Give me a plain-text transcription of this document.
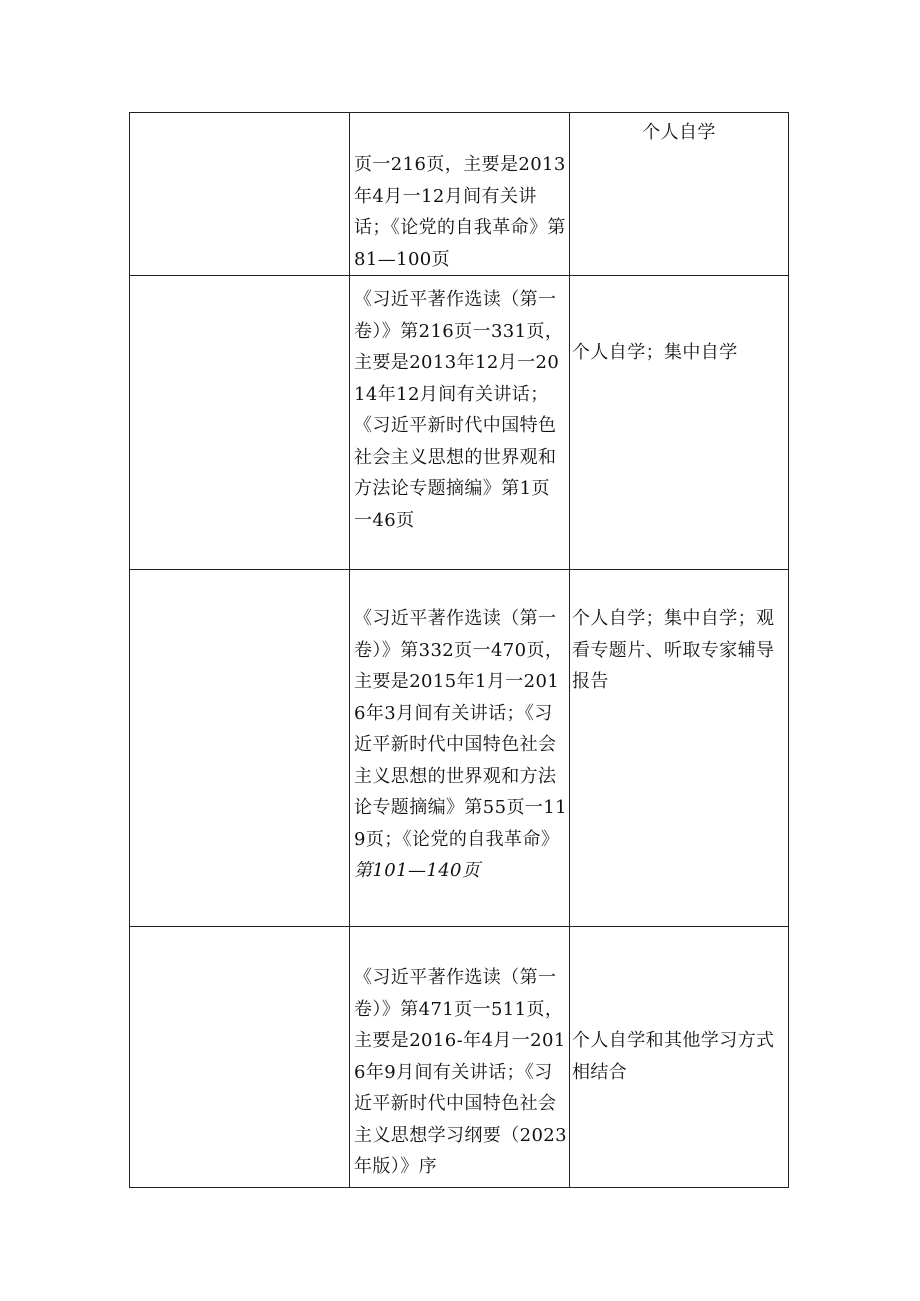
	页一216页，主要是2013年4月一12月间有关讲话；《论党的自我革命》第81—100页	个人自学

	《习近平著作选读（第一卷）》第216页一331页，主要是2013年12月一2014年12月间有关讲话；
《习近平新时代中国特色社会主义思想的世界观和方法论专题摘编》第1页一46页	个人自学；集中自学

	《习近平著作选读（第一卷）》第332页一470页，主要是2015年1月一2016年3月间有关讲话；《习近平新时代中国特色社会主义思想的世界观和方法论专题摘编》第55页一119页；《论党的自我革命》
第101—140页	个人自学；集中自学；观看专题片、听取专家辅导报告

	《习近平著作选读（第一卷）》第471页一511页，主要是2016-年4月一2016年9月间有关讲话；《习近平新时代中国特色社会主义思想学习纲要（2023年版）》序	个人自学和其他学习方式相结合
